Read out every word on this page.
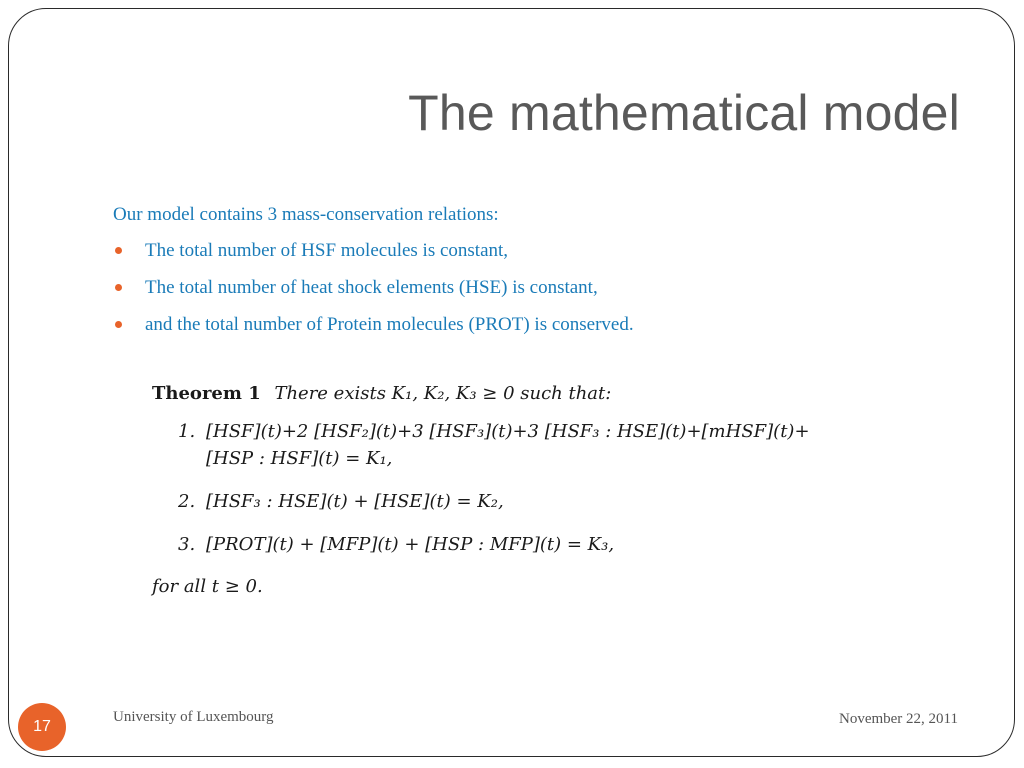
The mathematical model

Our model contains 3 mass-conservation relations:

The total number of HSF molecules is constant,
The total number of heat shock elements (HSE) is constant,
and the total number of Protein molecules (PROT) is conserved.
Theorem 1 There exists K₁, K₂, K₃ ≥ 0 such that:
1. [HSF](t)+2 [HSF₂](t)+3 [HSF₃](t)+3 [HSF₃ : HSE](t)+[mHSF](t)+
[HSP : HSF](t) = K₁,
2. [HSF₃ : HSE](t) + [HSE](t) = K₂,
3. [PROT](t) + [MFP](t) + [HSP : MFP](t) = K₃,
for all t ≥ 0.
17
University of Luxembourg	November 22, 2011
